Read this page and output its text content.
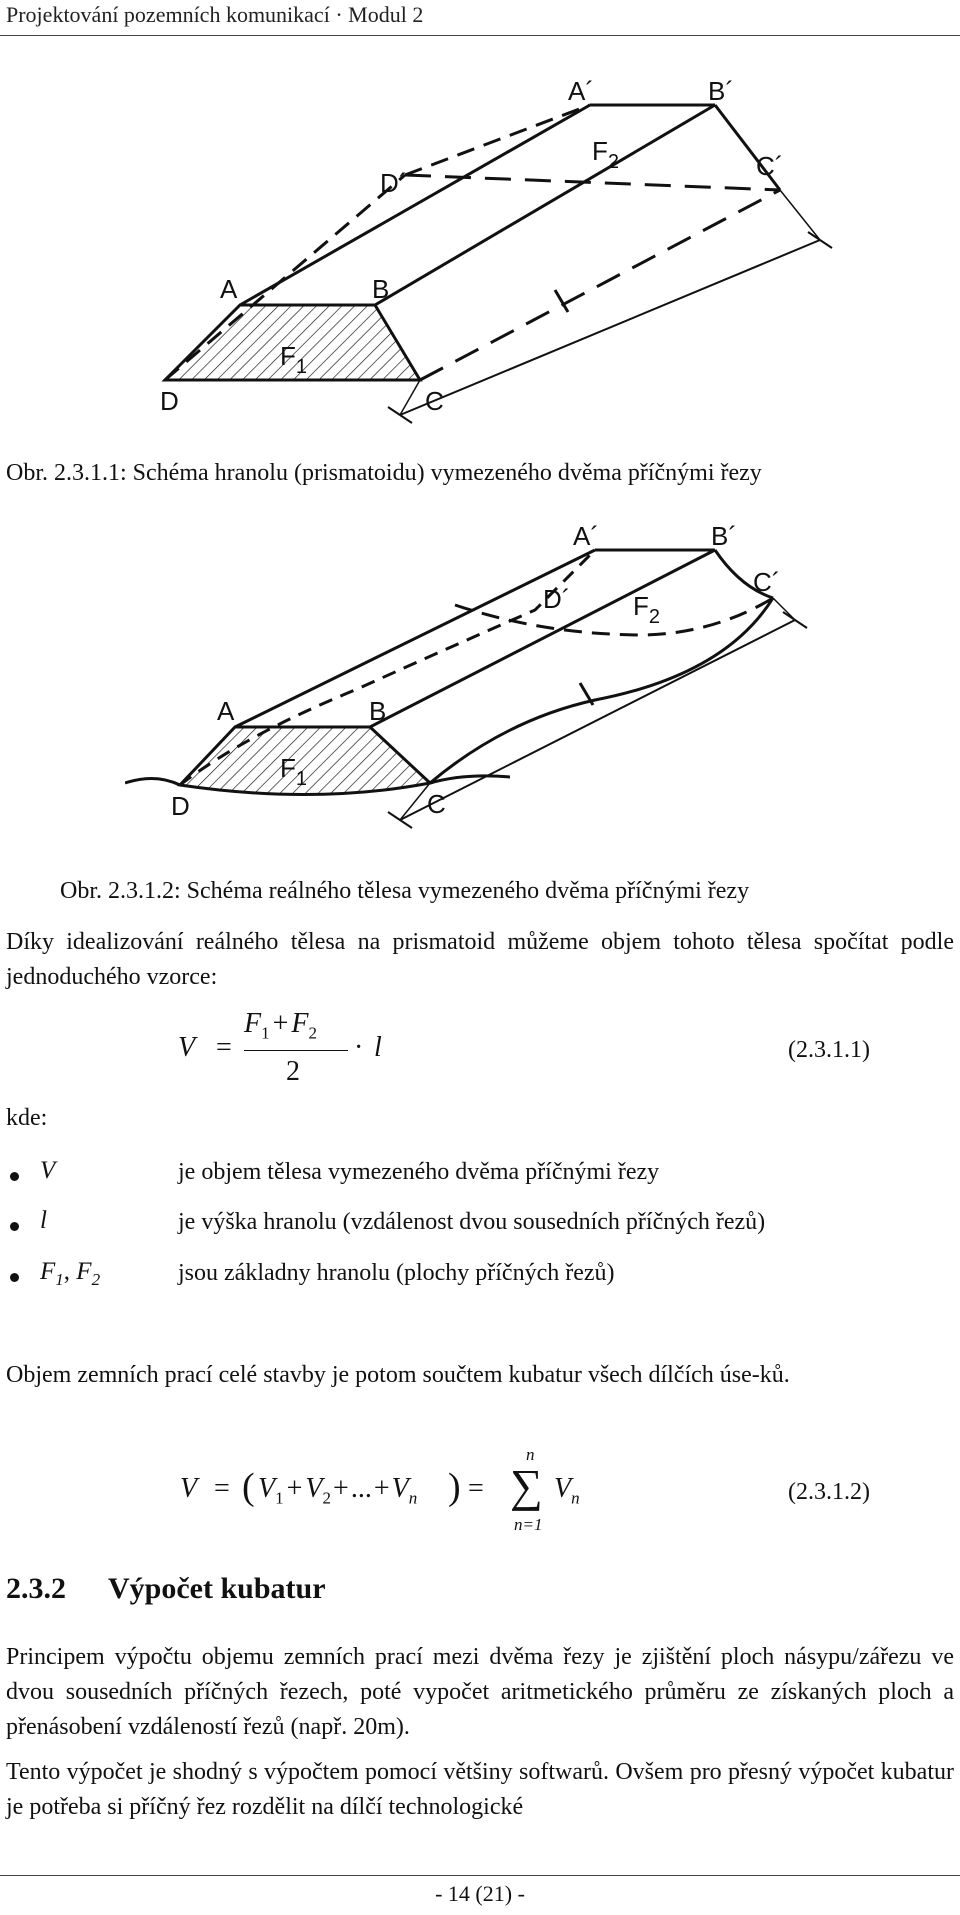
Projektování pozemních komunikací · Modul 2
A	B
C
D
A´	B´
C´
D´
$F_1$
$F_2$
Obr. 2.3.1.1: Schéma hranolu (prismatoidu) vymezeného dvěma příčnými řezy
A	B
C
D
A´	B´
C´
D´
$F_1$
$F_2$
Obr. 2.3.1.2: Schéma reálného tělesa vymezeného dvěma příčnými řezy
Díky idealizování reálného tělesa na prismatoid můžeme objem tohoto tělesa spočítat podle jednoduchého vzorce:
V =
$F_1 + F_2$
2
· l	(2.3.1.1)
kde:
V	je objem tělesa vymezeného dvěma příčnými řezy
l	je výška hranolu (vzdálenost dvou sousedních příčných řezů)
$F_1$, $F_2$	jsou základny hranolu (plochy příčných řezů)
Objem zemních prací celé stavby je potom součtem kubatur všech dílčích úse-ků.
V = ( $V_1 + V_2+...+V_n$ ) =
n
∑
n=1
$V_n$	(2.3.1.2)
2.3.2 Výpočet kubatur
Principem výpočtu objemu zemních prací mezi dvěma řezy je zjištění ploch násypu/zářezu ve dvou sousedních příčných řezech, poté vypočet aritmetického průměru ze získaných ploch a přenásobení vzdáleností řezů (např. 20m).
Tento výpočet je shodný s výpočtem pomocí většiny softwarů. Ovšem pro přesný výpočet kubatur je potřeba si příčný řez rozdělit na dílčí technologické
- 14 (21) -
